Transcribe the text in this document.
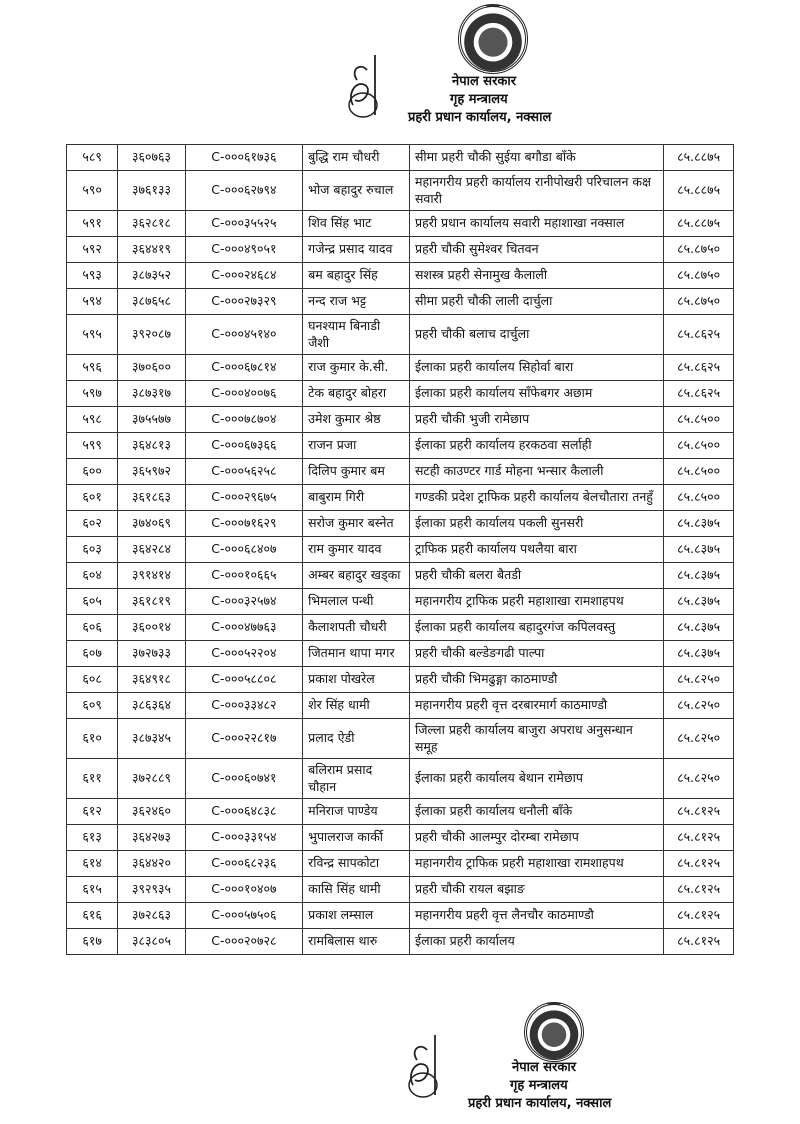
नेपाल सरकार
गृह मन्त्रालय
प्रहरी प्रधान कार्यालय, नक्साल
५८९	३६०७६३	C-०००६१७३६	बुद्धि राम चौधरी	सीमा प्रहरी चौकी सुईया बगौडा बाँके	८५.८८७५
५९०	३७६१३३	C-०००६२७९४	भोज बहादुर रुचाल	महानगरीय प्रहरी कार्यालय रानीपोखरी परिचालन कक्ष सवारी	८५.८८७५
५९१	३६२८१८	C-०००३५५२५	शिव सिंह भाट	प्रहरी प्रधान कार्यालय सवारी महाशाखा नक्साल	८५.८८७५
५९२	३६४४१९	C-०००४९०५१	गजेन्द्र प्रसाद यादव	प्रहरी चौकी सुमेश्वर चितवन	८५.८७५०
५९३	३८७३५२	C-०००२४६८४	बम बहादुर सिंह	सशस्त्र प्रहरी सेनामुख कैलाली	८५.८७५०
५९४	३८७६५८	C-०००२७३२९	नन्द राज भट्ट	सीमा प्रहरी चौकी लाली दार्चुला	८५.८७५०
५९५	३९२०८७	C-०००४५१४०	घनश्याम बिनाडी जैशी	प्रहरी चौकी बलाच दार्चुला	८५.८६२५
५९६	३७०६००	C-०००६७८१४	राज कुमार के.सी.	ईलाका प्रहरी कार्यालय सिहोर्वा बारा	८५.८६२५
५९७	३८७३१७	C-०००४००७६	टेक बहादुर बोहरा	ईलाका प्रहरी कार्यालय साँफेबगर अछाम	८५.८६२५
५९८	३७५५७७	C-०००७८७०४	उमेश कुमार श्रेष्ठ	प्रहरी चौकी भुजी रामेछाप	८५.८५००
५९९	३६४८१३	C-०००६७३६६	राजन प्रजा	ईलाका प्रहरी कार्यालय हरकठवा सर्लाही	८५.८५००
६००	३६५९७२	C-०००५६२५८	दिलिप कुमार बम	सटही काउण्टर गार्ड मोहना भन्सार कैलाली	८५.८५००
६०१	३६१८६३	C-०००२९६७५	बाबुराम गिरी	गण्डकी प्रदेश ट्राफिक प्रहरी कार्यालय बेलचौतारा तनहुँ	८५.८५००
६०२	३७४०६९	C-०००७१६२९	सरोज कुमार बस्नेत	ईलाका प्रहरी कार्यालय पकली सुनसरी	८५.८३७५
६०३	३६४२८४	C-०००६८४०७	राम कुमार यादव	ट्राफिक प्रहरी कार्यालय पथलैया बारा	८५.८३७५
६०४	३९१४१४	C-०००१०६६५	अम्बर बहादुर खड्का	प्रहरी चौकी बलरा बैतडी	८५.८३७५
६०५	३६१८१९	C-०००३२५७४	भिमलाल पन्थी	महानगरीय ट्राफिक प्रहरी महाशाखा रामशाहपथ	८५.८३७५
६०६	३६००१४	C-०००४७७६३	कैलाशपती चौधरी	ईलाका प्रहरी कार्यालय बहादुरगंज कपिलवस्तु	८५.८३७५
६०७	३७२७३३	C-०००५२२०४	जितमान थापा मगर	प्रहरी चौकी बल्डेङगढी पाल्पा	८५.८३७५
६०८	३६४९१८	C-०००५८८०८	प्रकाश पोखरेल	प्रहरी चौकी भिमढुङ्गा काठमाण्डौ	८५.८२५०
६०९	३८६३६४	C-०००३३४८२	शेर सिंह धामी	महानगरीय प्रहरी वृत्त दरबारमार्ग काठमाण्डौ	८५.८२५०
६१०	३८७३४५	C-०००२२८१७	प्रलाद ऐडी	जिल्ला प्रहरी कार्यालय बाजुरा अपराध अनुसन्धान समूह	८५.८२५०
६११	३७२८८९	C-०००६०७४१	बलिराम प्रसाद चौहान	ईलाका प्रहरी कार्यालय बेथान रामेछाप	८५.८२५०
६१२	३६२४६०	C-०००६४८३८	मनिराज पाण्डेय	ईलाका प्रहरी कार्यालय धनौली बाँके	८५.८१२५
६१३	३६४२७३	C-०००३३१५४	भुपालराज कार्की	प्रहरी चौकी आलम्पुर दोरम्बा रामेछाप	८५.८१२५
६१४	३६४४२०	C-०००६८२३६	रविन्द्र सापकोटा	महानगरीय ट्राफिक प्रहरी महाशाखा रामशाहपथ	८५.८१२५
६१५	३९२९३५	C-०००१०४०७	कासि सिंह धामी	प्रहरी चौकी रायल बझाङ	८५.८१२५
६१६	३७२८६३	C-०००५७५०६	प्रकाश लम्साल	महानगरीय प्रहरी वृत्त लैनचौर काठमाण्डौ	८५.८१२५
६१७	३८३८०५	C-०००२०७२८	रामबिलास थारु	ईलाका प्रहरी कार्यालय	८५.८१२५
नेपाल सरकार
गृह मन्त्रालय
प्रहरी प्रधान कार्यालय, नक्साल
